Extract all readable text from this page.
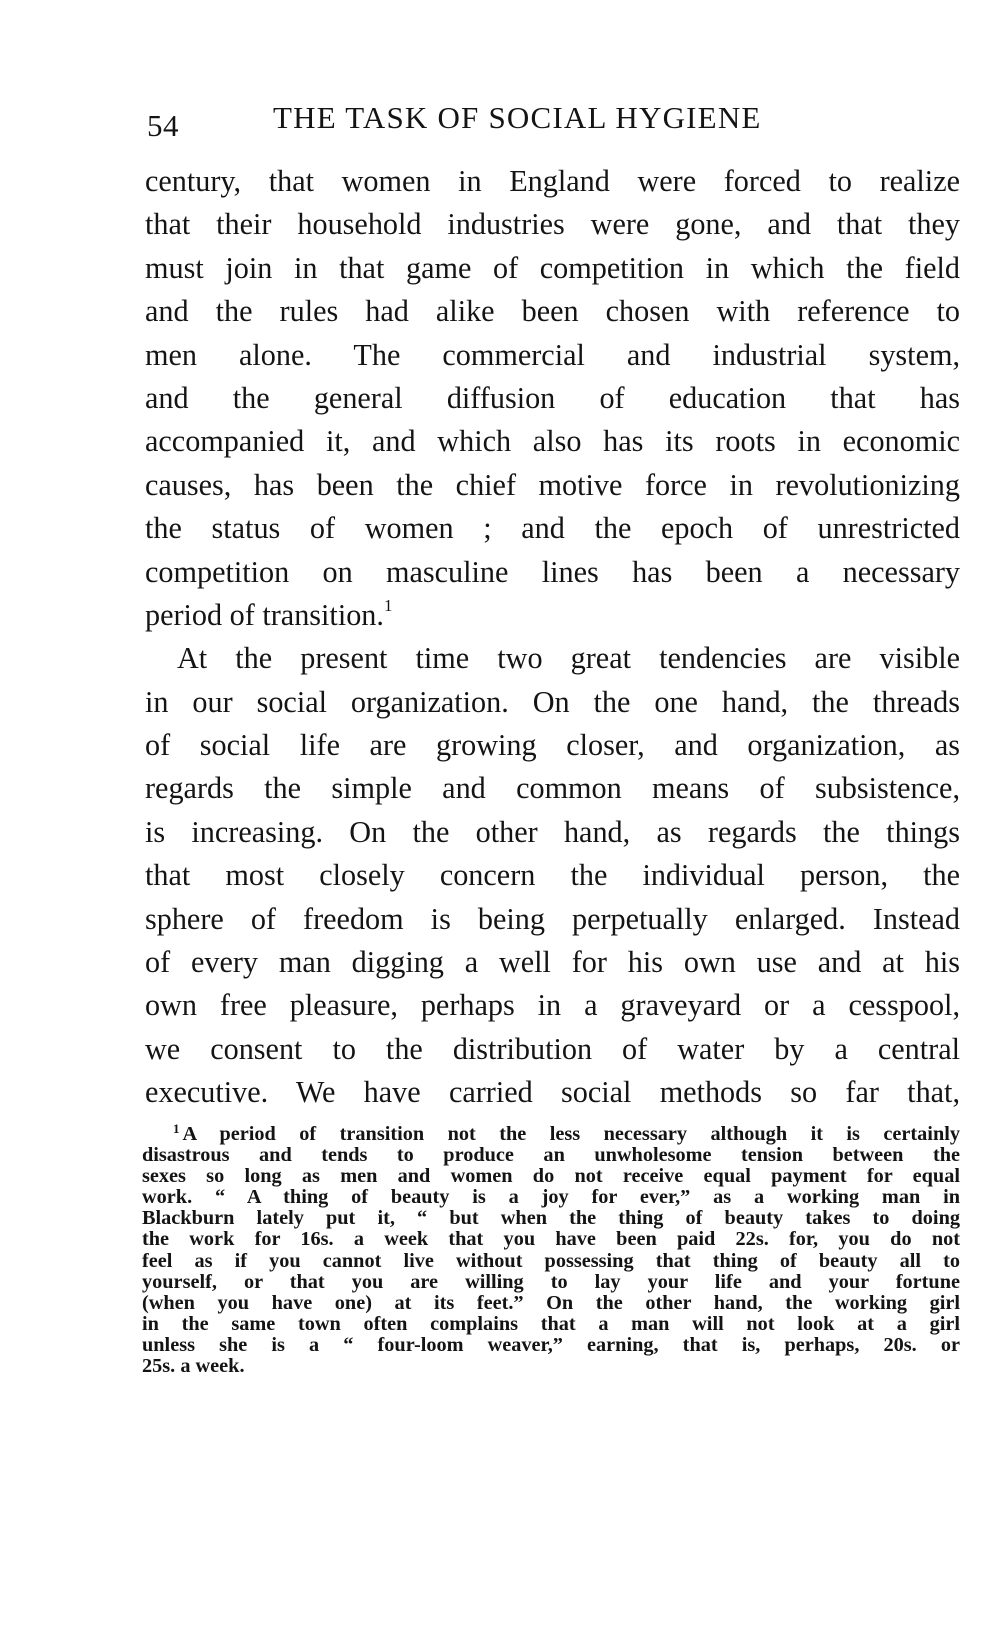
54	THE TASK OF SOCIAL HYGIENE
century, that women in England were forced to realize
that their household industries were gone, and that they
must join in that game of competition in which the field
and the rules had alike been chosen with reference to
men alone. The commercial and industrial system,
and the general diffusion of education that has
accompanied it, and which also has its roots in economic
causes, has been the chief motive force in revolutionizing
the status of women ; and the epoch of unrestricted
competition on masculine lines has been a necessary
period of transition.$^1$
At the present time two great tendencies are visible
in our social organization. On the one hand, the threads
of social life are growing closer, and organization, as
regards the simple and common means of subsistence,
is increasing. On the other hand, as regards the things
that most closely concern the individual person, the
sphere of freedom is being perpetually enlarged. Instead
of every man digging a well for his own use and at his
own free pleasure, perhaps in a graveyard or a cesspool,
we consent to the distribution of water by a central
executive. We have carried social methods so far that,
$^1$ A period of transition not the less necessary although it is certainly
disastrous and tends to produce an unwholesome tension between the
sexes so long as men and women do not receive equal payment for equal
work. “ A thing of beauty is a joy for ever,” as a working man in
Blackburn lately put it, “ but when the thing of beauty takes to doing
the work for 16s. a week that you have been paid 22s. for, you do not
feel as if you cannot live without possessing that thing of beauty all to
yourself, or that you are willing to lay your life and your fortune
(when you have one) at its feet.” On the other hand, the working girl
in the same town often complains that a man will not look at a girl
unless she is a “ four-loom weaver,” earning, that is, perhaps, 20s. or
25s. a week.
